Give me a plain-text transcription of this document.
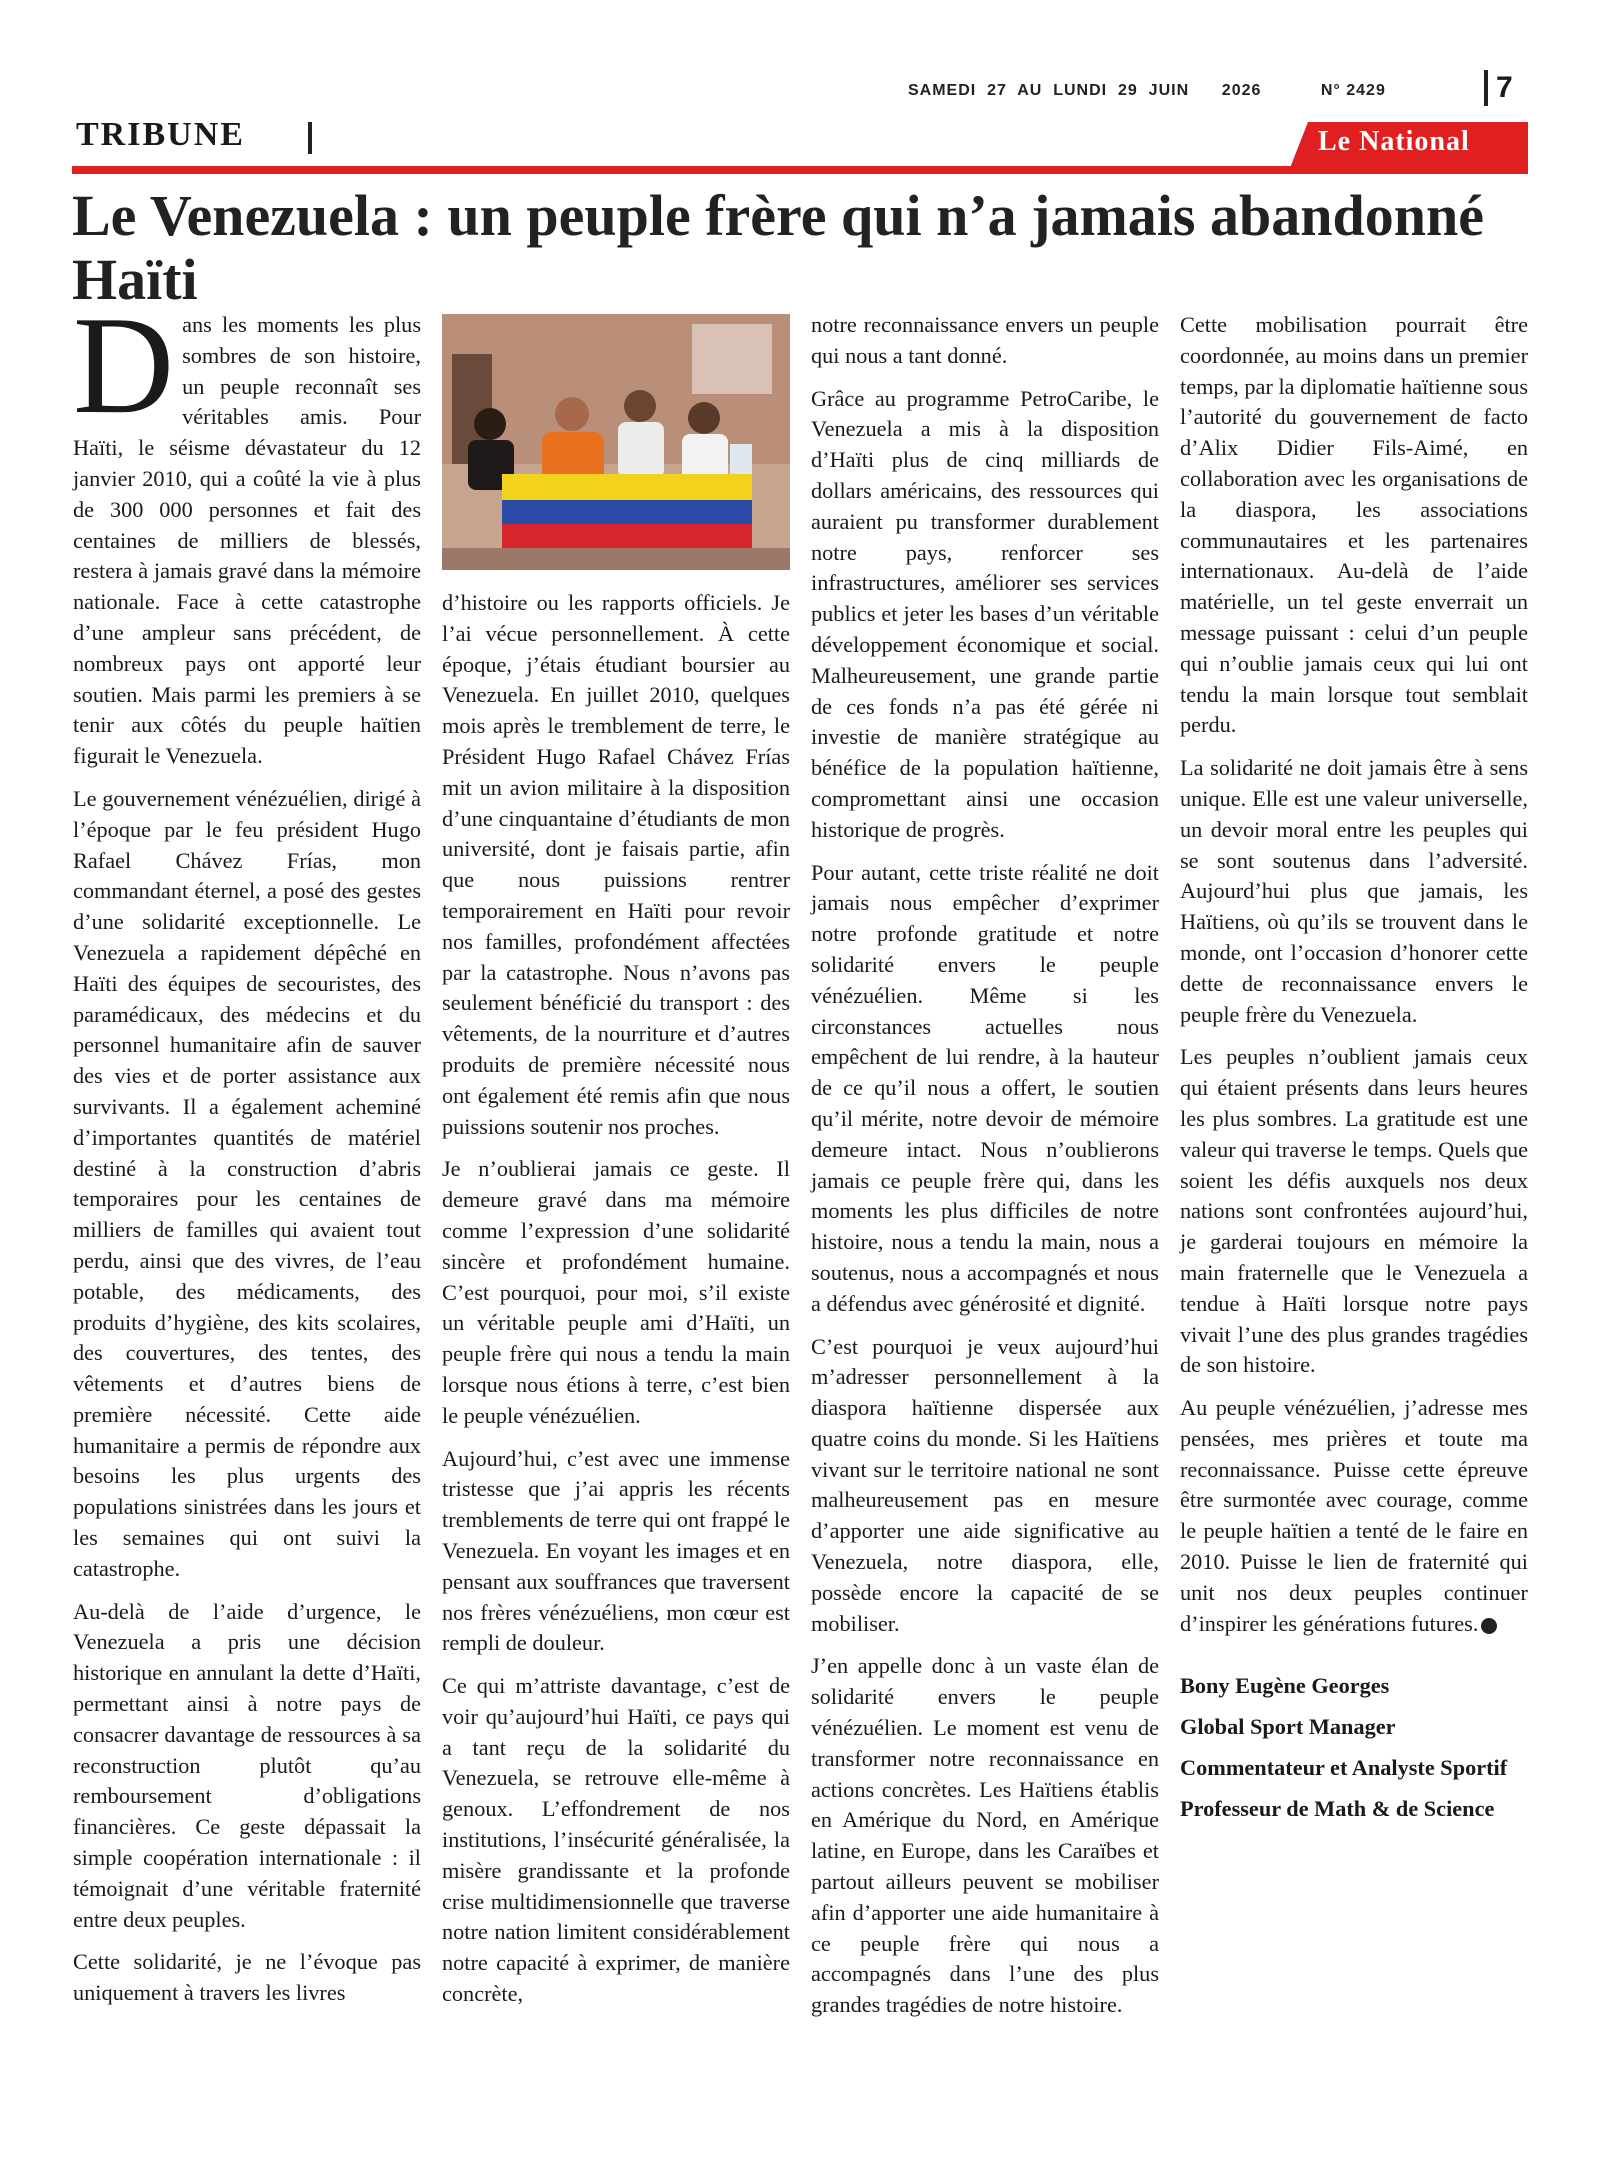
SAMEDI  27  AU  LUNDI  29  JUIN      2026	N° 2429	7
TRIBUNE	Le National
Le Venezuela : un peuple frère qui n’a jamais abandonné Haïti

Dans les moments les plus sombres de son histoire, un peuple reconnaît ses véritables amis. Pour Haïti, le séisme dévastateur du 12 janvier 2010, qui a coûté la vie à plus de 300 000 personnes et fait des centaines de milliers de blessés, restera à jamais gravé dans la mémoire nationale. Face à cette catastrophe d’une ampleur sans précédent, de nombreux pays ont apporté leur soutien. Mais parmi les premiers à se tenir aux côtés du peuple haïtien figurait le Venezuela.

Le gouvernement vénézuélien, dirigé à l’époque par le feu président Hugo Rafael Chávez Frías, mon commandant éternel, a posé des gestes d’une solidarité exceptionnelle. Le Venezuela a rapidement dépêché en Haïti des équipes de secouristes, des paramédicaux, des médecins et du personnel humanitaire afin de sauver des vies et de porter assistance aux survivants. Il a également acheminé d’importantes quantités de matériel destiné à la construction d’abris temporaires pour les centaines de milliers de familles qui avaient tout perdu, ainsi que des vivres, de l’eau potable, des médicaments, des produits d’hygiène, des kits scolaires, des couvertures, des tentes, des vêtements et d’autres biens de première nécessité. Cette aide humanitaire a permis de répondre aux besoins les plus urgents des populations sinistrées dans les jours et les semaines qui ont suivi la catastrophe.

Au-delà de l’aide d’urgence, le Venezuela a pris une décision historique en annulant la dette d’Haïti, permettant ainsi à notre pays de consacrer davantage de ressources à sa reconstruction plutôt qu’au remboursement d’obligations financières. Ce geste dépassait la simple coopération internationale : il témoignait d’une véritable fraternité entre deux peuples.

Cette solidarité, je ne l’évoque pas uniquement à travers les livres

d’histoire ou les rapports officiels. Je l’ai vécue personnellement. À cette époque, j’étais étudiant boursier au Venezuela. En juillet 2010, quelques mois après le tremblement de terre, le Président Hugo Rafael Chávez Frías mit un avion militaire à la disposition d’une cinquantaine d’étudiants de mon université, dont je faisais partie, afin que nous puissions rentrer temporairement en Haïti pour revoir nos familles, profondément affectées par la catastrophe. Nous n’avons pas seulement bénéficié du transport : des vêtements, de la nourriture et d’autres produits de première nécessité nous ont également été remis afin que nous puissions soutenir nos proches.

Je n’oublierai jamais ce geste. Il demeure gravé dans ma mémoire comme l’expression d’une solidarité sincère et profondément humaine. C’est pourquoi, pour moi, s’il existe un véritable peuple ami d’Haïti, un peuple frère qui nous a tendu la main lorsque nous étions à terre, c’est bien le peuple vénézuélien.

Aujourd’hui, c’est avec une immense tristesse que j’ai appris les récents tremblements de terre qui ont frappé le Venezuela. En voyant les images et en pensant aux souffrances que traversent nos frères vénézuéliens, mon cœur est rempli de douleur.

Ce qui m’attriste davantage, c’est de voir qu’aujourd’hui Haïti, ce pays qui a tant reçu de la solidarité du Venezuela, se retrouve elle-même à genoux. L’effondrement de nos institutions, l’insécurité généralisée, la misère grandissante et la profonde crise multidimensionnelle que traverse notre nation limitent considérablement notre capacité à exprimer, de manière concrète,

notre reconnaissance envers un peuple qui nous a tant donné.

Grâce au programme PetroCaribe, le Venezuela a mis à la disposition d’Haïti plus de cinq milliards de dollars américains, des ressources qui auraient pu transformer durablement notre pays, renforcer ses infrastructures, améliorer ses services publics et jeter les bases d’un véritable développement économique et social. Malheureusement, une grande partie de ces fonds n’a pas été gérée ni investie de manière stratégique au bénéfice de la population haïtienne, compromettant ainsi une occasion historique de progrès.

Pour autant, cette triste réalité ne doit jamais nous empêcher d’exprimer notre profonde gratitude et notre solidarité envers le peuple vénézuélien. Même si les circonstances actuelles nous empêchent de lui rendre, à la hauteur de ce qu’il nous a offert, le soutien qu’il mérite, notre devoir de mémoire demeure intact. Nous n’oublierons jamais ce peuple frère qui, dans les moments les plus difficiles de notre histoire, nous a tendu la main, nous a soutenus, nous a accompagnés et nous a défendus avec générosité et dignité.

C’est pourquoi je veux aujourd’hui m’adresser personnellement à la diaspora haïtienne dispersée aux quatre coins du monde. Si les Haïtiens vivant sur le territoire national ne sont malheureusement pas en mesure d’apporter une aide significative au Venezuela, notre diaspora, elle, possède encore la capacité de se mobiliser.

J’en appelle donc à un vaste élan de solidarité envers le peuple vénézuélien. Le moment est venu de transformer notre reconnaissance en actions concrètes. Les Haïtiens établis en Amérique du Nord, en Amérique latine, en Europe, dans les Caraïbes et partout ailleurs peuvent se mobiliser afin d’apporter une aide humanitaire à ce peuple frère qui nous a accompagnés dans l’une des plus grandes tragédies de notre histoire.

Cette mobilisation pourrait être coordonnée, au moins dans un premier temps, par la diplomatie haïtienne sous l’autorité du gouvernement de facto d’Alix Didier Fils-Aimé, en collaboration avec les organisations de la diaspora, les associations communautaires et les partenaires internationaux. Au-delà de l’aide matérielle, un tel geste enverrait un message puissant : celui d’un peuple qui n’oublie jamais ceux qui lui ont tendu la main lorsque tout semblait perdu.

La solidarité ne doit jamais être à sens unique. Elle est une valeur universelle, un devoir moral entre les peuples qui se sont soutenus dans l’adversité. Aujourd’hui plus que jamais, les Haïtiens, où qu’ils se trouvent dans le monde, ont l’occasion d’honorer cette dette de reconnaissance envers le peuple frère du Venezuela.

Les peuples n’oublient jamais ceux qui étaient présents dans leurs heures les plus sombres. La gratitude est une valeur qui traverse le temps. Quels que soient les défis auxquels nos deux nations sont confrontées aujourd’hui, je garderai toujours en mémoire la main fraternelle que le Venezuela a tendue à Haïti lorsque notre pays vivait l’une des plus grandes tragédies de son histoire.

Au peuple vénézuélien, j’adresse mes pensées, mes prières et toute ma reconnaissance. Puisse cette épreuve être surmontée avec courage, comme le peuple haïtien a tenté de le faire en 2010. Puisse le lien de fraternité qui unit nos deux peuples continuer d’inspirer les générations futures.

Bony Eugène Georges

Global Sport Manager

Commentateur et Analyste Sportif

Professeur de Math & de Science
